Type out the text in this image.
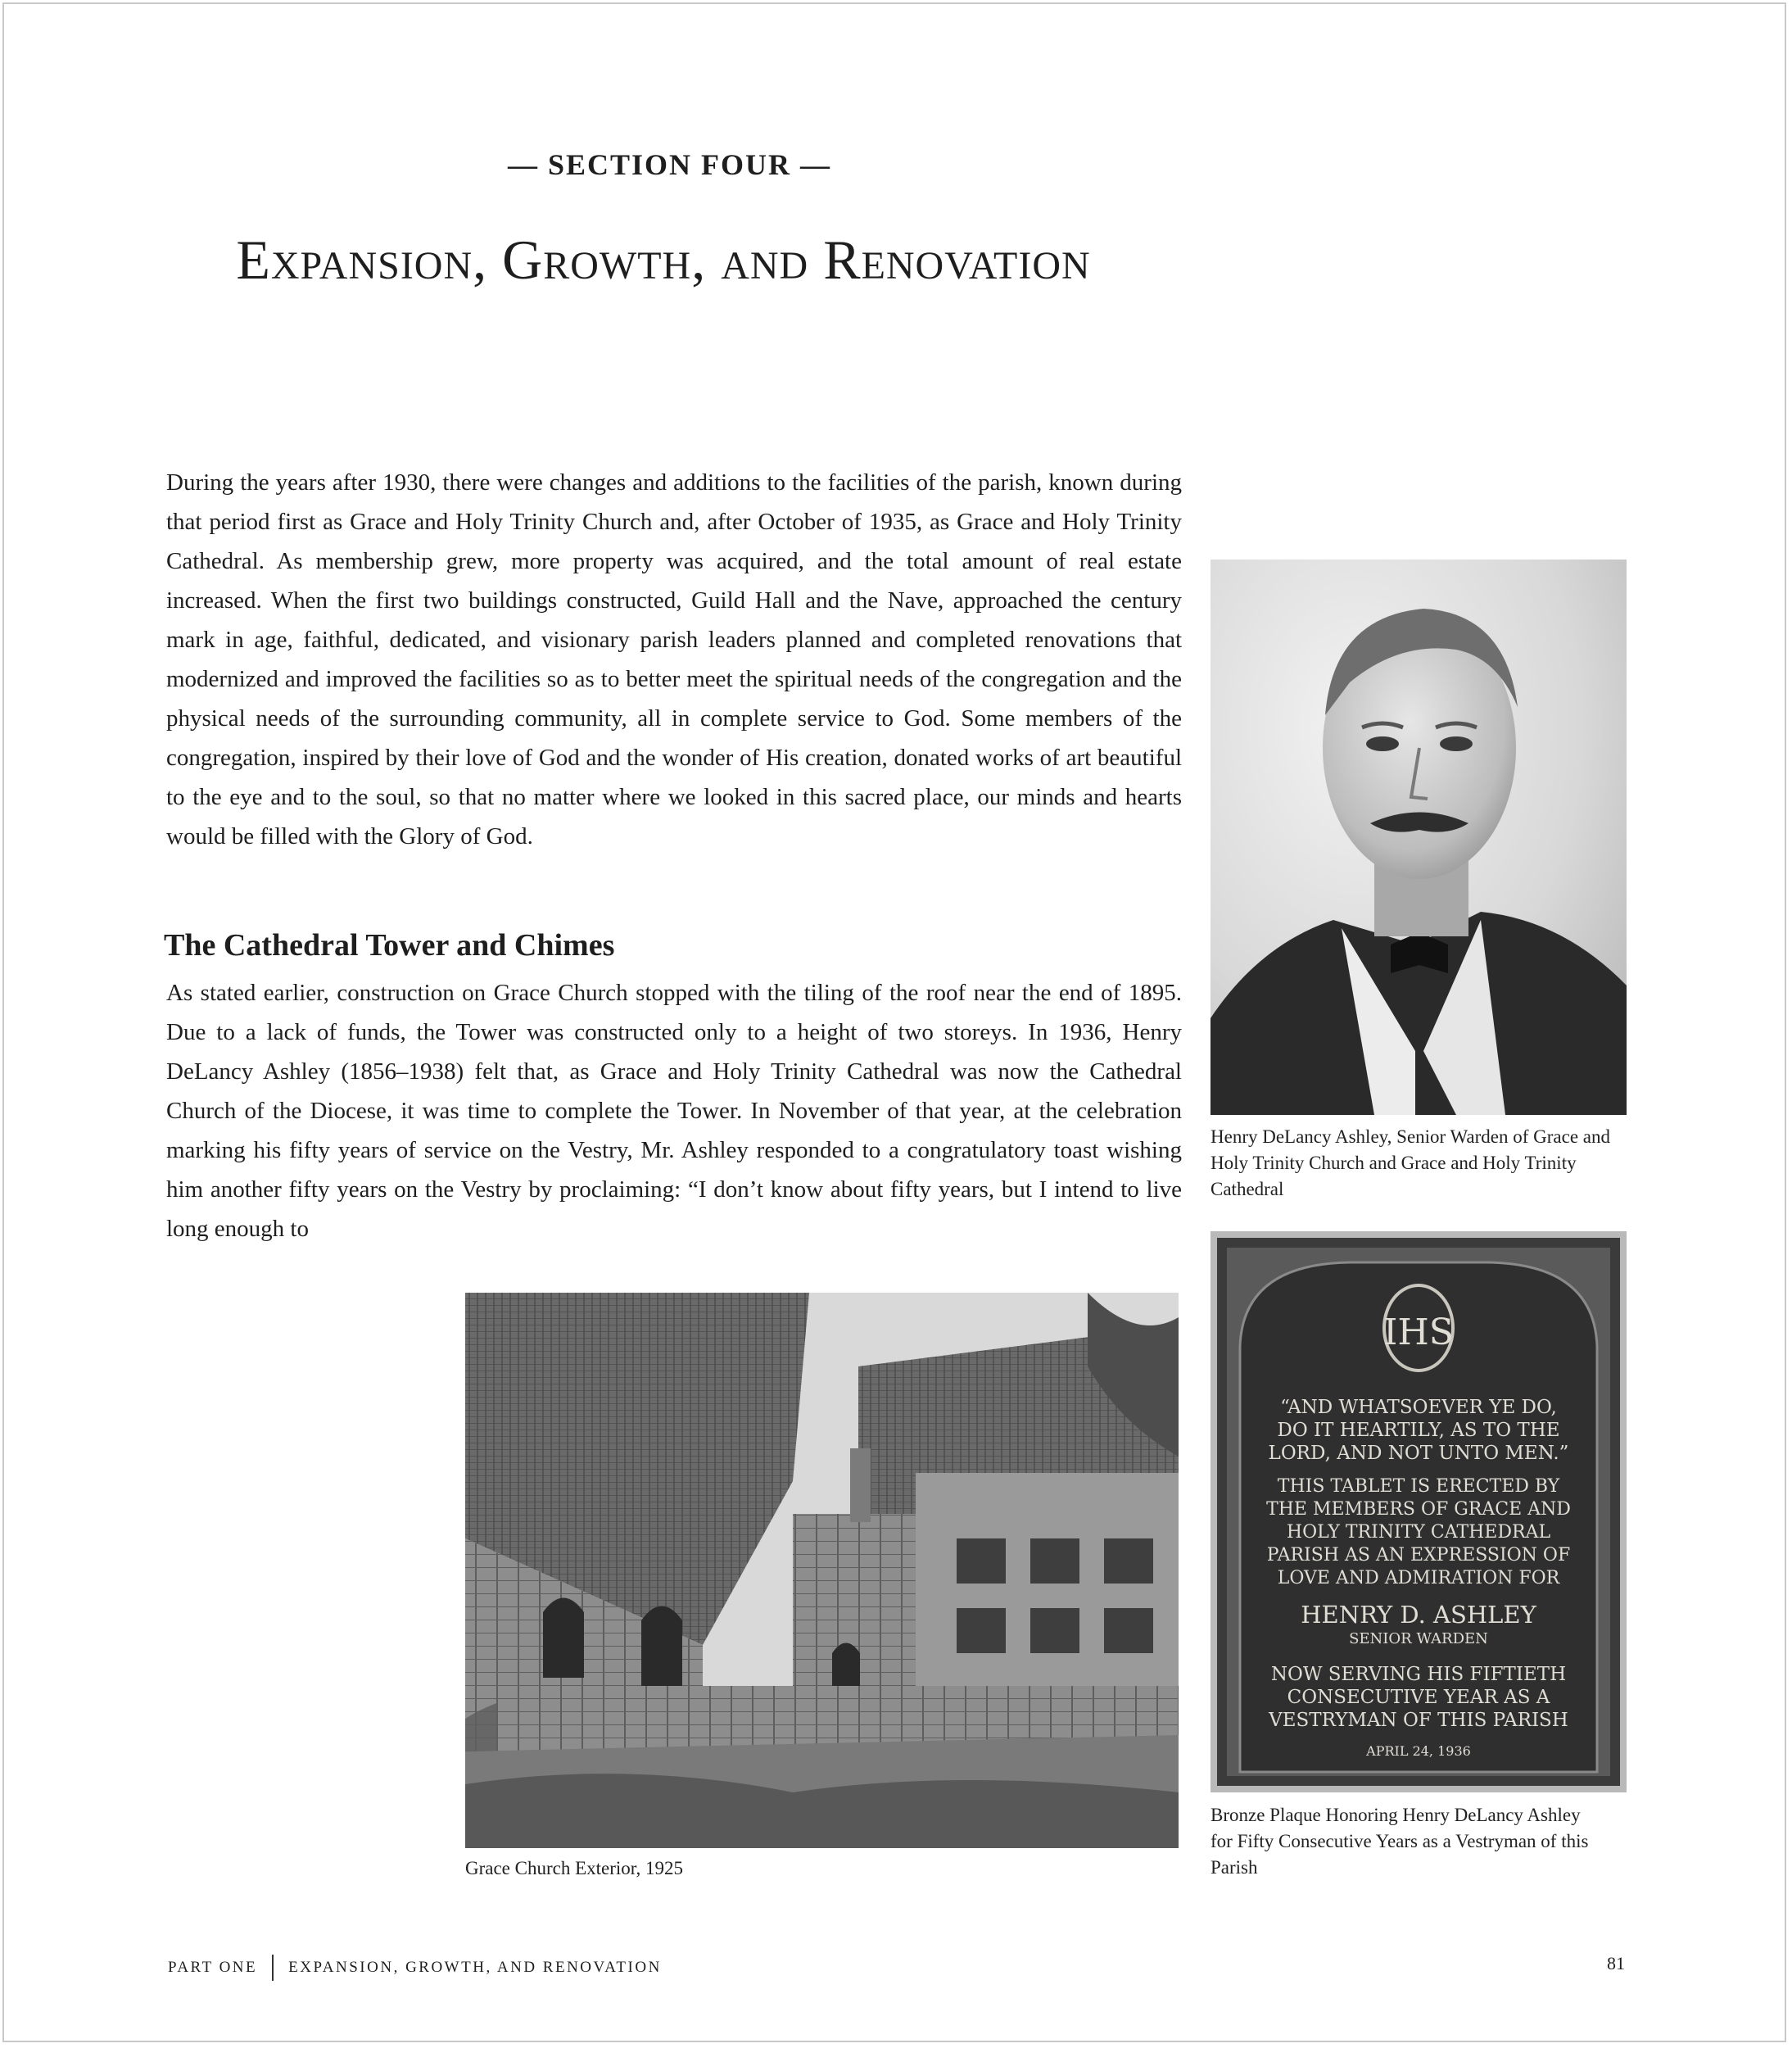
— SECTION FOUR —
Expansion, Growth, and Renovation

During the years after 1930, there were changes and additions to the facilities of the parish, known during that period first as Grace and Holy Trinity Church and, after October of 1935, as Grace and Holy Trinity Cathedral. As membership grew, more property was acquired, and the total amount of real estate increased. When the first two buildings constructed, Guild Hall and the Nave, approached the century mark in age, faithful, dedicated, and visionary parish leaders planned and completed renovations that modernized and improved the facilities so as to better meet the spiritual needs of the congregation and the physical needs of the surrounding community, all in complete service to God. Some members of the congregation, inspired by their love of God and the wonder of His creation, donated works of art beautiful to the eye and to the soul, so that no matter where we looked in this sacred place, our minds and hearts would be filled with the Glory of God.

The Cathedral Tower and Chimes

As stated earlier, construction on Grace Church stopped with the tiling of the roof near the end of 1895. Due to a lack of funds, the Tower was constructed only to a height of two storeys. In 1936, Henry DeLancy Ashley (1856–1938) felt that, as Grace and Holy Trinity Cathedral was now the Cathedral Church of the Diocese, it was time to complete the Tower. In November of that year, at the celebration marking his fifty years of service on the Vestry, Mr. Ashley responded to a congratulatory toast wishing him another fifty years on the Vestry by proclaiming: “I don’t know about fifty years, but I intend to live long enough to

Henry DeLancy Ashley, Senior Warden of Grace and Holy Trinity Church and Grace and Holy Trinity Cathedral
IHS
“AND WHATSOEVER YE DO,
DO IT HEARTILY, AS TO THE
LORD, AND NOT UNTO MEN.”
THIS TABLET IS ERECTED BY
THE MEMBERS OF GRACE AND
HOLY TRINITY CATHEDRAL
PARISH AS AN EXPRESSION OF
LOVE AND ADMIRATION FOR
HENRY D. ASHLEY
SENIOR WARDEN
NOW SERVING HIS FIFTIETH
CONSECUTIVE YEAR AS A
VESTRYMAN OF THIS PARISH
APRIL 24, 1936
Bronze Plaque Honoring Henry DeLancy Ashley for Fifty Consecutive Years as a Vestryman of this Parish
Grace Church Exterior, 1925
PART ONE EXPANSION, GROWTH, AND RENOVATION	81
